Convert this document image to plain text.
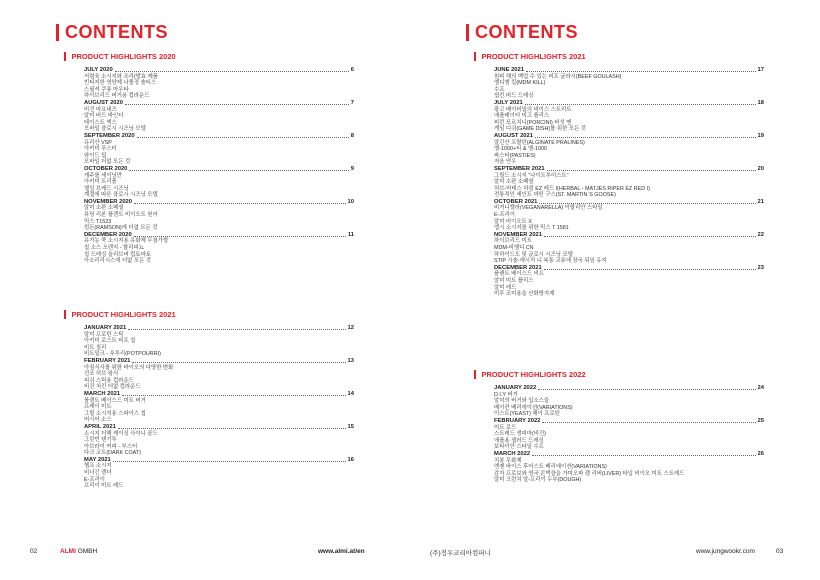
CONTENTS
PRODUCT HIGHLIGHTS 2020
JULY 2020	6
저렴육 소시지와 조리(발효 제품
빈티지한 영양제 나폴징 솔티스
스필셔 쿠퓨 마우타
하이브리드 버거용 컵라운드
AUGUST 2020	7
비건 마요네즈
알미 버드 바인더
테이스트 엑스
모바일 클로시 시즈닝 모델
SEPTEMBER 2020	8
유리산 VSP
아키미 푸스터
와이드 딥
모바일 더없 모든 것
OCTOBER 2020	9
캐주를 세이닝만
아키미 트리플
셀잉 브레드 시즈닝
계절에 따른 클로시 시즈닝 모델
NOVEMBER 2020	10
알미 소판 소페셜
퓨딩 리본 플렌트 비이오트 원어
믹스 T1523
컴돈(RAMSON)에 더없 모든 것
DECEMBER 2020	11
유기농 쿡 소시지용 유화제 무첨가형
칩 소스 오렌지 - 할리피뇨
칩 드레싱 올리브버 컵토마토
아소리리시스에 더없 모든 것
PRODUCT HIGHLIGHTS 2021
JANUARY 2021	12
알미 프로틴 스틱
아키미 로스트 비프 칩
비트 칠리
비트밀크 - 푸투리(POTPOURRI)
FEBRUARY 2021	13
아침식사를 위한 바이오의 다양한 변화
건조 허브 왕식
피쉬 스틱용 컵라운드
비건 치킨 더없 컵라운드
MARCH 2021	14
플렌트 베이스드 미트 버거
프레이 미트
그릴 소시지용 스파이스 칩
머시어 소스
APRIL 2021	15
소시지 더해 케이싱 사이니 골드
그린빈 텐기투
아브라이 커피 - 부스터
다크 코트(DARK COAT)
MAY 2021	16
헴프 소시지
비너긴 렌더
E-프리이
프리이 미트 레드
02	ALMI GMBH	www.almi.at/en
CONTENTS
PRODUCT HIGHLIGHTS 2021
JUNE 2021	17
원피 해의 백업 수 있는 비프 굴라시(BEEF GOULASH)
엠디엠 킬(MDM KILL)
수프
쉽킨 버드 드레싱
JULY 2021	18
광고 베이비밀의 비이스 스트리트
애플레이터 미고 플리스
피런 포르치니(PORCINI) 버섯 맨
게임 디쉬(GAME DISH)를 위한 모든 것
AUGUST 2021	19
알긴산 프랄린(ALGINATE PRALINES)
엠-1000+티 & 엠-1000
파스티(PASTIES)
저음 연우
SEPTEMBER 2021	20
그릴드 소시지 "나이트투어스트"
알미 소판 소페셜
허브-마테스 하링 EZ 레드 I(HERBAL - MATJES RIPER EZ RED I)
전통적인 세인트 마틴 구스(ST. MARTIN`S GOOSE)
OCTOBER 2021	21
비거니렐라(VEGANARELLA) 이탈리안 스타일
E-프리이
알미 비이오트 X
앱시 소시지를 위한 믹스 T 1581
NOVEMBER 2021	22
하이브리드 미트
MDM-비엠디 CN
하하이드도 및 글로시 시즈닝 모델
STIP 시솔-애시지 니 복통 교류에 장국 뒤임 유지
DECEMBER 2021	23
플랜트 베이스드 비프
알미 미트 플리스
알미 레드
미투 조미용을 산화방지제
PRODUCT HIGHLIGHTS 2022
JANUARY 2022	24
D.I.Y 버거
알미의 버거와 입소스들
베이컨 베리에이션(VARIATIONS)
이스트(YEAST) 해이 프로틴
FEBRUARY 2022	25
미트 로드
스트레드 생피마(비건)
애플용 샐러드 드레싱
보타이안 스타일 수프
MARCH 2022	26
치봉 무화제
엔젠 바이스 후어스트 베리에이션(VARIATIONS)
감자 프로보와 영국 콘벅클을 가미오파 캠 리버(LIVER) 타입 비이오 미트 스트레드
알미 크런치 앞-프리이 두부(DOUGH)
(주)정우코리아컴퍼니	www.jungwookr.com	03
